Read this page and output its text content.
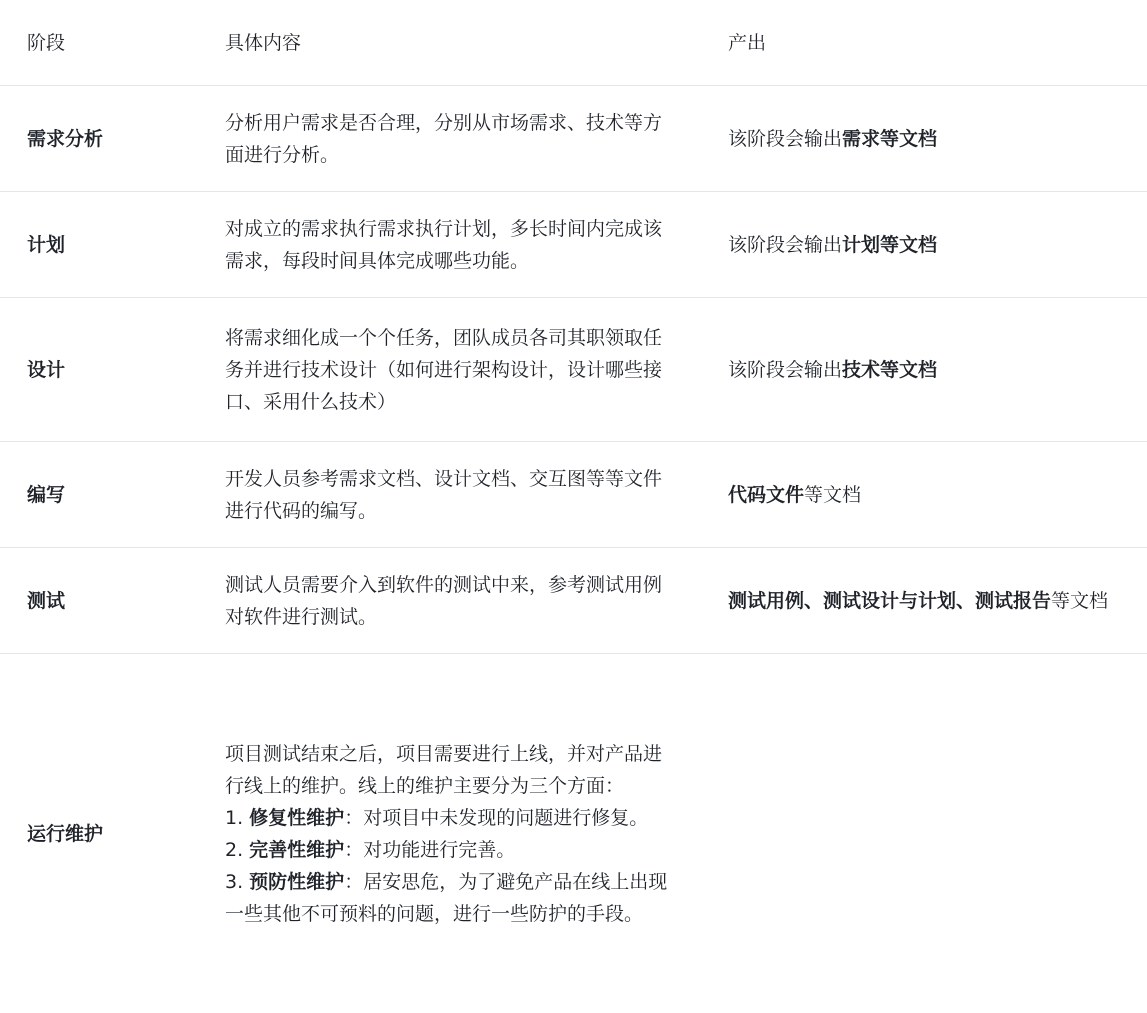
阶段	具体内容	产出
需求分析	分析用户需求是否合理，分别从市场需求、技术等方面进行分析。	该阶段会输出需求等文档
计划	对成立的需求执行需求执行计划，多长时间内完成该需求，每段时间具体完成哪些功能。	该阶段会输出计划等文档
设计	将需求细化成一个个任务，团队成员各司其职领取任务并进行技术设计（如何进行架构设计，设计哪些接口、采用什么技术）	该阶段会输出技术等文档
编写	开发人员参考需求文档、设计文档、交互图等等文件进行代码的编写。	代码文件等文档
测试	测试人员需要介入到软件的测试中来，参考测试用例对软件进行测试。	测试用例、测试设计与计划、测试报告等文档
运行维护	项目测试结束之后，项目需要进行上线，并对产品进行线上的维护。线上的维护主要分为三个方面：
1. 修复性维护：对项目中未发现的问题进行修复。
2. 完善性维护：对功能进行完善。
3. 预防性维护：居安思危，为了避免产品在线上出现一些其他不可预料的问题，进行一些防护的手段。	
